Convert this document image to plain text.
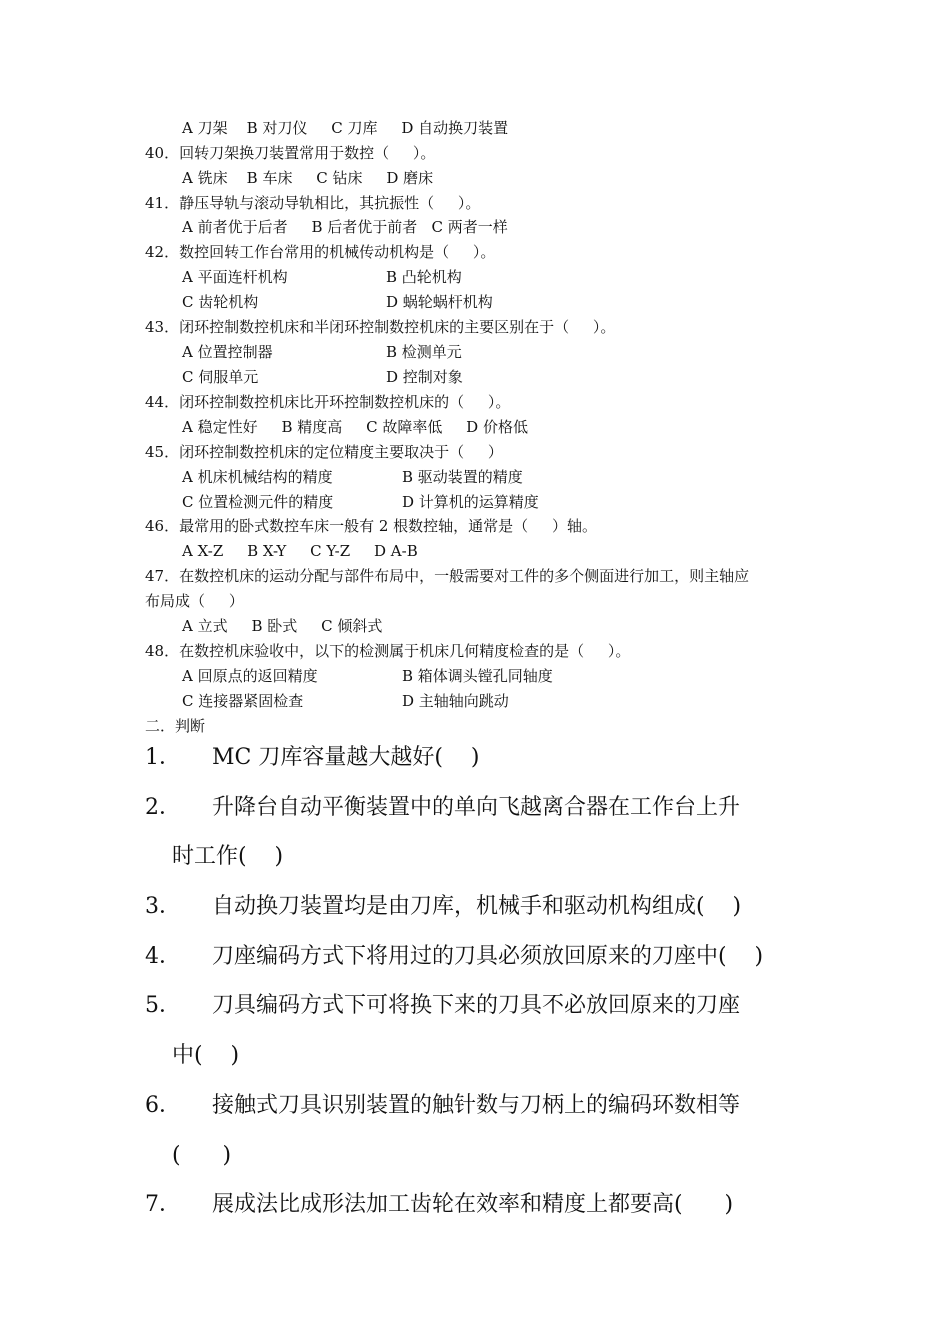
A 刀架    B 对刀仪     C 刀库     D 自动换刀装置
40．回转刀架换刀装置常用于数控（     ）。
A 铣床    B 车床     C 钻床     D 磨床
41．静压导轨与滚动导轨相比，其抗振性（     ）。
A 前者优于后者     B 后者优于前者   C 两者一样
42．数控回转工作台常用的机械传动机构是（     ）。
A 平面连杆机构	B 凸轮机构
C 齿轮机构	D 蜗轮蜗杆机构
43．闭环控制数控机床和半闭环控制数控机床的主要区别在于（     ）。
A 位置控制器	B 检测单元
C 伺服单元	D 控制对象
44．闭环控制数控机床比开环控制数控机床的（     ）。
A 稳定性好     B 精度高     C 故障率低     D 价格低
45．闭环控制数控机床的定位精度主要取决于（     ）
A 机床机械结构的精度	B 驱动装置的精度
C 位置检测元件的精度	D 计算机的运算精度
46．最常用的卧式数控车床一般有 2 根数控轴，通常是（     ）轴。
A X-Z     B X-Y     C Y-Z     D A-B
47．在数控机床的运动分配与部件布局中，一般需要对工件的多个侧面进行加工，则主轴应
布局成（     ）
A 立式     B 卧式     C 倾斜式
48．在数控机床验收中，以下的检测属于机床几何精度检查的是（     ）。
A 回原点的返回精度	B 箱体调头镗孔同轴度
C 连接器紧固检查	D 主轴轴向跳动
二．判断
1． MC 刀库容量越大越好(    )
2． 升降台自动平衡装置中的单向飞越离合器在工作台上升
时工作(    )
3． 自动换刀装置均是由刀库，机械手和驱动机构组成(    )
4． 刀座编码方式下将用过的刀具必须放回原来的刀座中(    )
5． 刀具编码方式下可将换下来的刀具不必放回原来的刀座
中(    )
6． 接触式刀具识别装置的触针数与刀柄上的编码环数相等
(      )
7． 展成法比成形法加工齿轮在效率和精度上都要高(      )
